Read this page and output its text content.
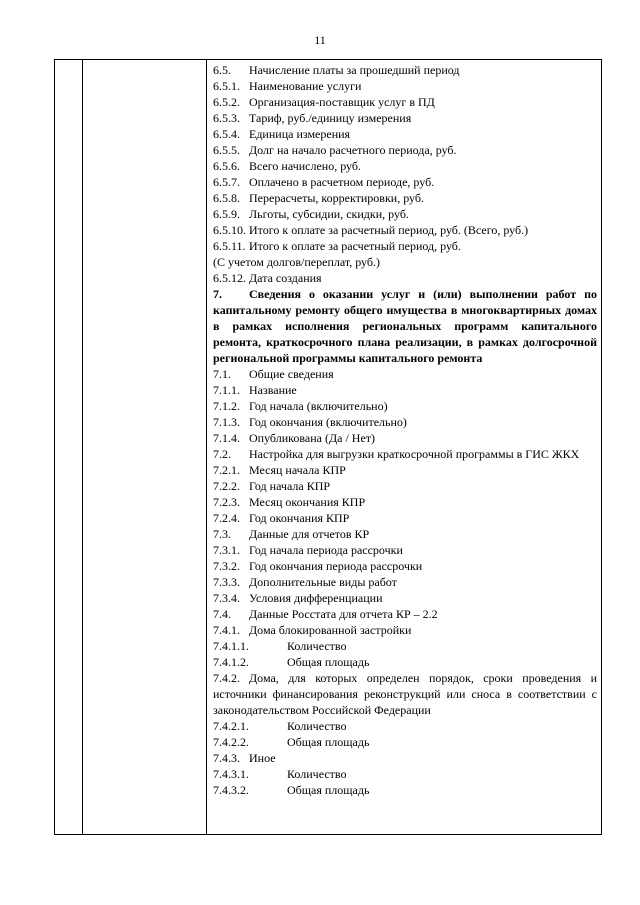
11
6.5. Начисление платы за прошедший период
6.5.1. Наименование услуги
6.5.2. Организация-поставщик услуг в ПД
6.5.3. Тариф, руб./единицу измерения
6.5.4. Единица измерения
6.5.5. Долг на начало расчетного периода, руб.
6.5.6. Всего начислено, руб.
6.5.7. Оплачено в расчетном периоде, руб.
6.5.8. Перерасчеты, корректировки, руб.
6.5.9. Льготы, субсидии, скидки, руб.
6.5.10. Итого к оплате за расчетный период, руб. (Всего, руб.)
6.5.11. Итого к оплате за расчетный период, руб.
(С учетом долгов/переплат, руб.)
6.5.12. Дата создания
7. Сведения о оказании услуг и (или) выполнении работ по капитальному ремонту общего имущества в многоквартирных домах в рамках исполнения региональных программ капитального ремонта, краткосрочного плана реализации, в рамках долгосрочной региональной программы капитального ремонта
7.1. Общие сведения
7.1.1. Название
7.1.2. Год начала (включительно)
7.1.3. Год окончания (включительно)
7.1.4. Опубликована (Да / Нет)
7.2. Настройка для выгрузки краткосрочной программы в ГИС ЖКХ
7.2.1. Месяц начала КПР
7.2.2. Год начала КПР
7.2.3. Месяц окончания КПР
7.2.4. Год окончания КПР
7.3. Данные для отчетов КР
7.3.1. Год начала периода рассрочки
7.3.2. Год окончания периода рассрочки
7.3.3. Дополнительные виды работ
7.3.4. Условия дифференциации
7.4. Данные Росстата для отчета КР – 2.2
7.4.1. Дома блокированной застройки
7.4.1.1.	Количество
7.4.1.2.	Общая площадь
7.4.2. Дома, для которых определен порядок, сроки проведения и источники финансирования реконструкций или сноса в соответствии с законодательством Российской Федерации
7.4.2.1.	Количество
7.4.2.2.	Общая площадь
7.4.3. Иное
7.4.3.1.	Количество
7.4.3.2.	Общая площадь
